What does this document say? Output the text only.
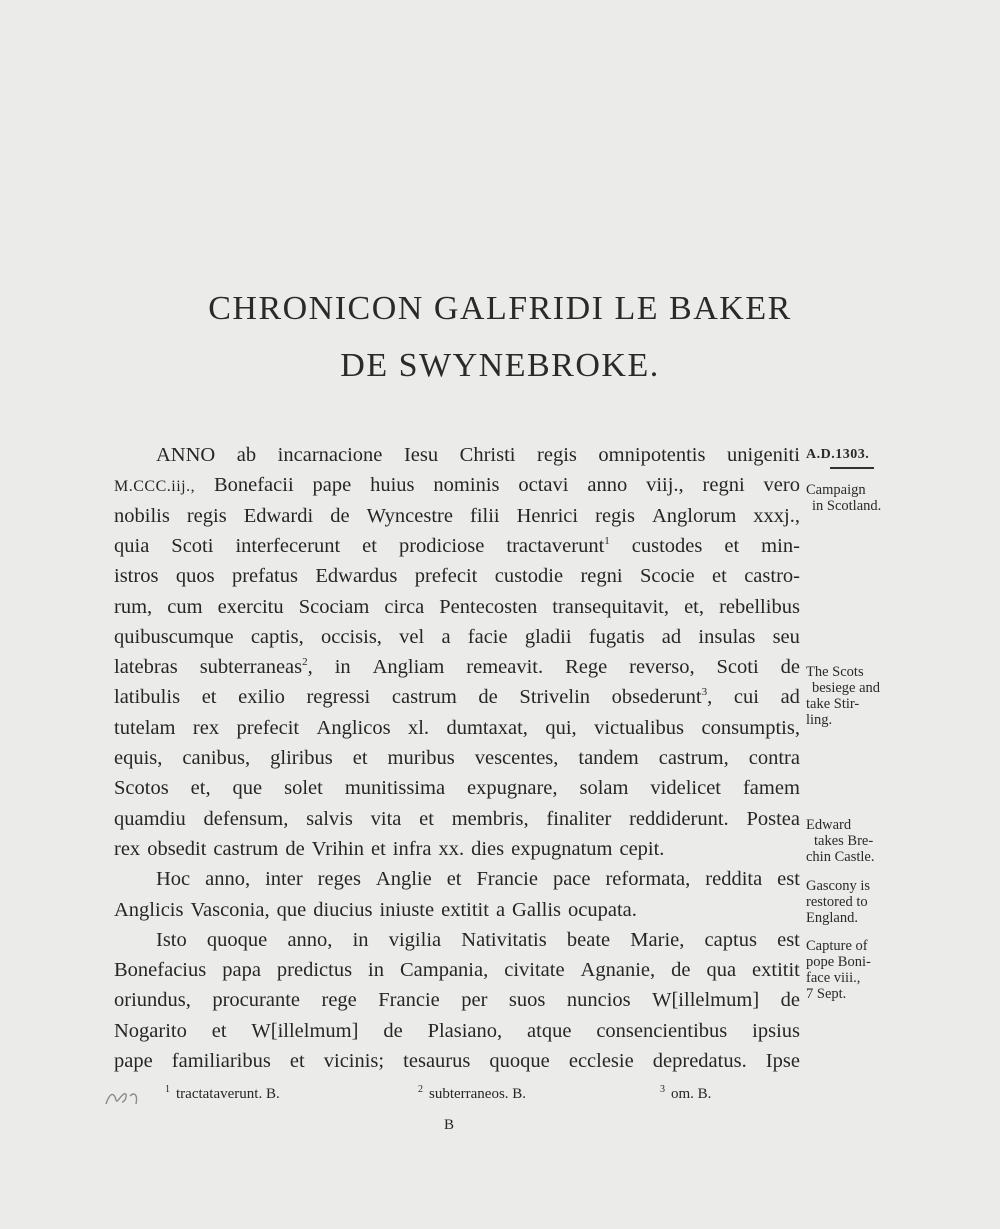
CHRONICON GALFRIDI LE BAKER
DE SWYNEBROKE.
ANNO ab incarnacione Iesu Christi regis omnipotentis unigeniti
M.CCC.iij., Bonefacii pape huius nominis octavi anno viij., regni vero
nobilis regis Edwardi de Wyncestre filii Henrici regis Anglorum xxxj.,
quia Scoti interfecerunt et prodiciose tractaverunt$^1$ custodes et min-
istros quos prefatus Edwardus prefecit custodie regni Scocie et castro-
rum, cum exercitu Scociam circa Pentecosten transequitavit, et, rebellibus
quibuscumque captis, occisis, vel a facie gladii fugatis ad insulas seu
latebras subterraneas$^2$, in Angliam remeavit. Rege reverso, Scoti de
latibulis et exilio regressi castrum de Strivelin obsederunt$^3$, cui ad
tutelam rex prefecit Anglicos xl. dumtaxat, qui, victualibus consumptis,
equis, canibus, gliribus et muribus vescentes, tandem castrum, contra
Scotos et, que solet munitissima expugnare, solam videlicet famem
quamdiu defensum, salvis vita et membris, finaliter reddiderunt. Postea
rex obsedit castrum de Vrihin et infra xx. dies expugnatum cepit.
Hoc anno, inter reges Anglie et Francie pace reformata, reddita est
Anglicis Vasconia, que diucius iniuste extitit a Gallis ocupata.
Isto quoque anno, in vigilia Nativitatis beate Marie, captus est
Bonefacius papa predictus in Campania, civitate Agnanie, de qua extitit
oriundus, procurante rege Francie per suos nuncios W[illelmum] de
Nogarito et W[illelmum] de Plasiano, atque consencientibus ipsius
pape familiaribus et vicinis; tesaurus quoque ecclesie depredatus. Ipse
A.D.1303.
Campaign
in Scotland.
The Scots
besiege and
take Stir-
ling.
Edward
takes Bre-
chin Castle.
Gascony is
restored to
England.
Capture of
pope Boni-
face viii.,
7 Sept.
$^1$ tractataverunt. B.	$^2$ subterraneos. B.	$^3$ om. B.
B
